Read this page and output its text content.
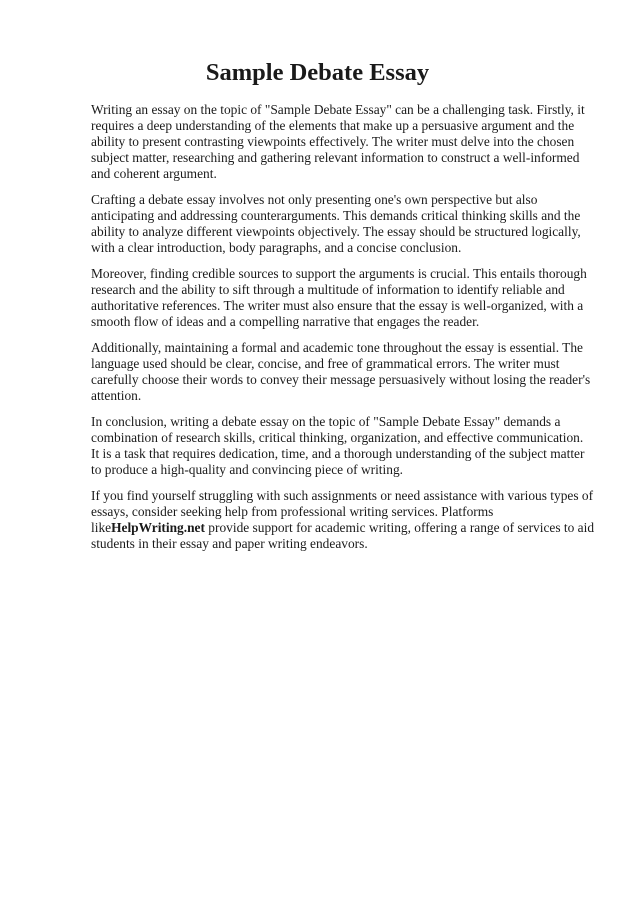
Sample Debate Essay

Writing an essay on the topic of "Sample Debate Essay" can be a challenging task. Firstly, it requires a deep understanding of the elements that make up a persuasive argument and the ability to present contrasting viewpoints effectively. The writer must delve into the chosen subject matter, researching and gathering relevant information to construct a well-informed and coherent argument.

Crafting a debate essay involves not only presenting one's own perspective but also anticipating and addressing counterarguments. This demands critical thinking skills and the ability to analyze different viewpoints objectively. The essay should be structured logically, with a clear introduction, body paragraphs, and a concise conclusion.

Moreover, finding credible sources to support the arguments is crucial. This entails thorough research and the ability to sift through a multitude of information to identify reliable and authoritative references. The writer must also ensure that the essay is well-organized, with a smooth flow of ideas and a compelling narrative that engages the reader.

Additionally, maintaining a formal and academic tone throughout the essay is essential. The language used should be clear, concise, and free of grammatical errors. The writer must carefully choose their words to convey their message persuasively without losing the reader's attention.

In conclusion, writing a debate essay on the topic of "Sample Debate Essay" demands a combination of research skills, critical thinking, organization, and effective communication. It is a task that requires dedication, time, and a thorough understanding of the subject matter to produce a high-quality and convincing piece of writing.

If you find yourself struggling with such assignments or need assistance with various types of essays, consider seeking help from professional writing services. Platforms likeHelpWriting.net provide support for academic writing, offering a range of services to aid students in their essay and paper writing endeavors.
